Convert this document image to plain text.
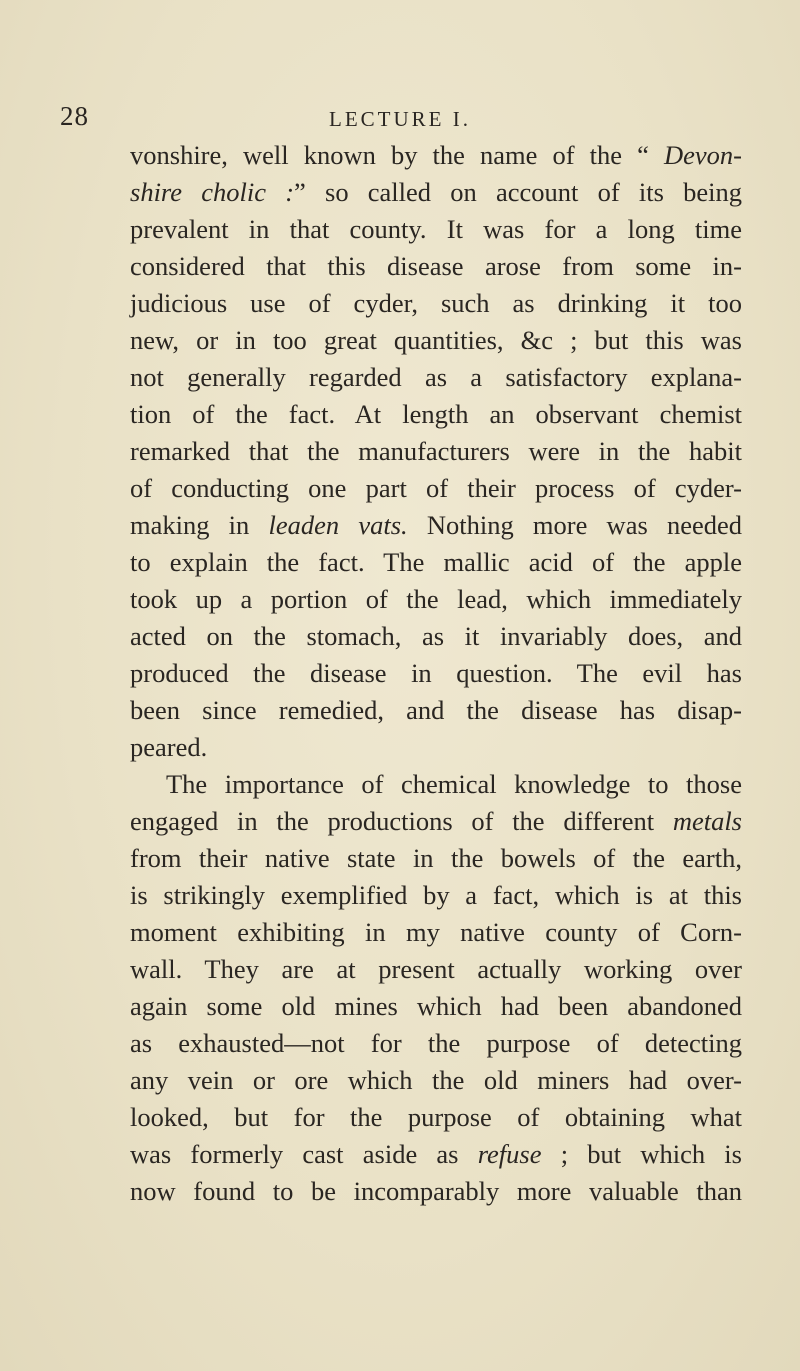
28	LECTURE I.
vonshire, well known by the name of the “ Devon-
shire cholic :” so called on account of its being
prevalent in that county. It was for a long time
considered that this disease arose from some in-
judicious use of cyder, such as drinking it too
new, or in too great quantities, &c ; but this was
not generally regarded as a satisfactory explana-
tion of the fact. At length an observant chemist
remarked that the manufacturers were in the habit
of conducting one part of their process of cyder-
making in leaden vats. Nothing more was needed
to explain the fact. The mallic acid of the apple
took up a portion of the lead, which immediately
acted on the stomach, as it invariably does, and
produced the disease in question. The evil has
been since remedied, and the disease has disap-
peared.
The importance of chemical knowledge to those
engaged in the productions of the different metals
from their native state in the bowels of the earth,
is strikingly exemplified by a fact, which is at this
moment exhibiting in my native county of Corn-
wall. They are at present actually working over
again some old mines which had been abandoned
as exhausted—not for the purpose of detecting
any vein or ore which the old miners had over-
looked, but for the purpose of obtaining what
was formerly cast aside as refuse ; but which is
now found to be incomparably more valuable than
